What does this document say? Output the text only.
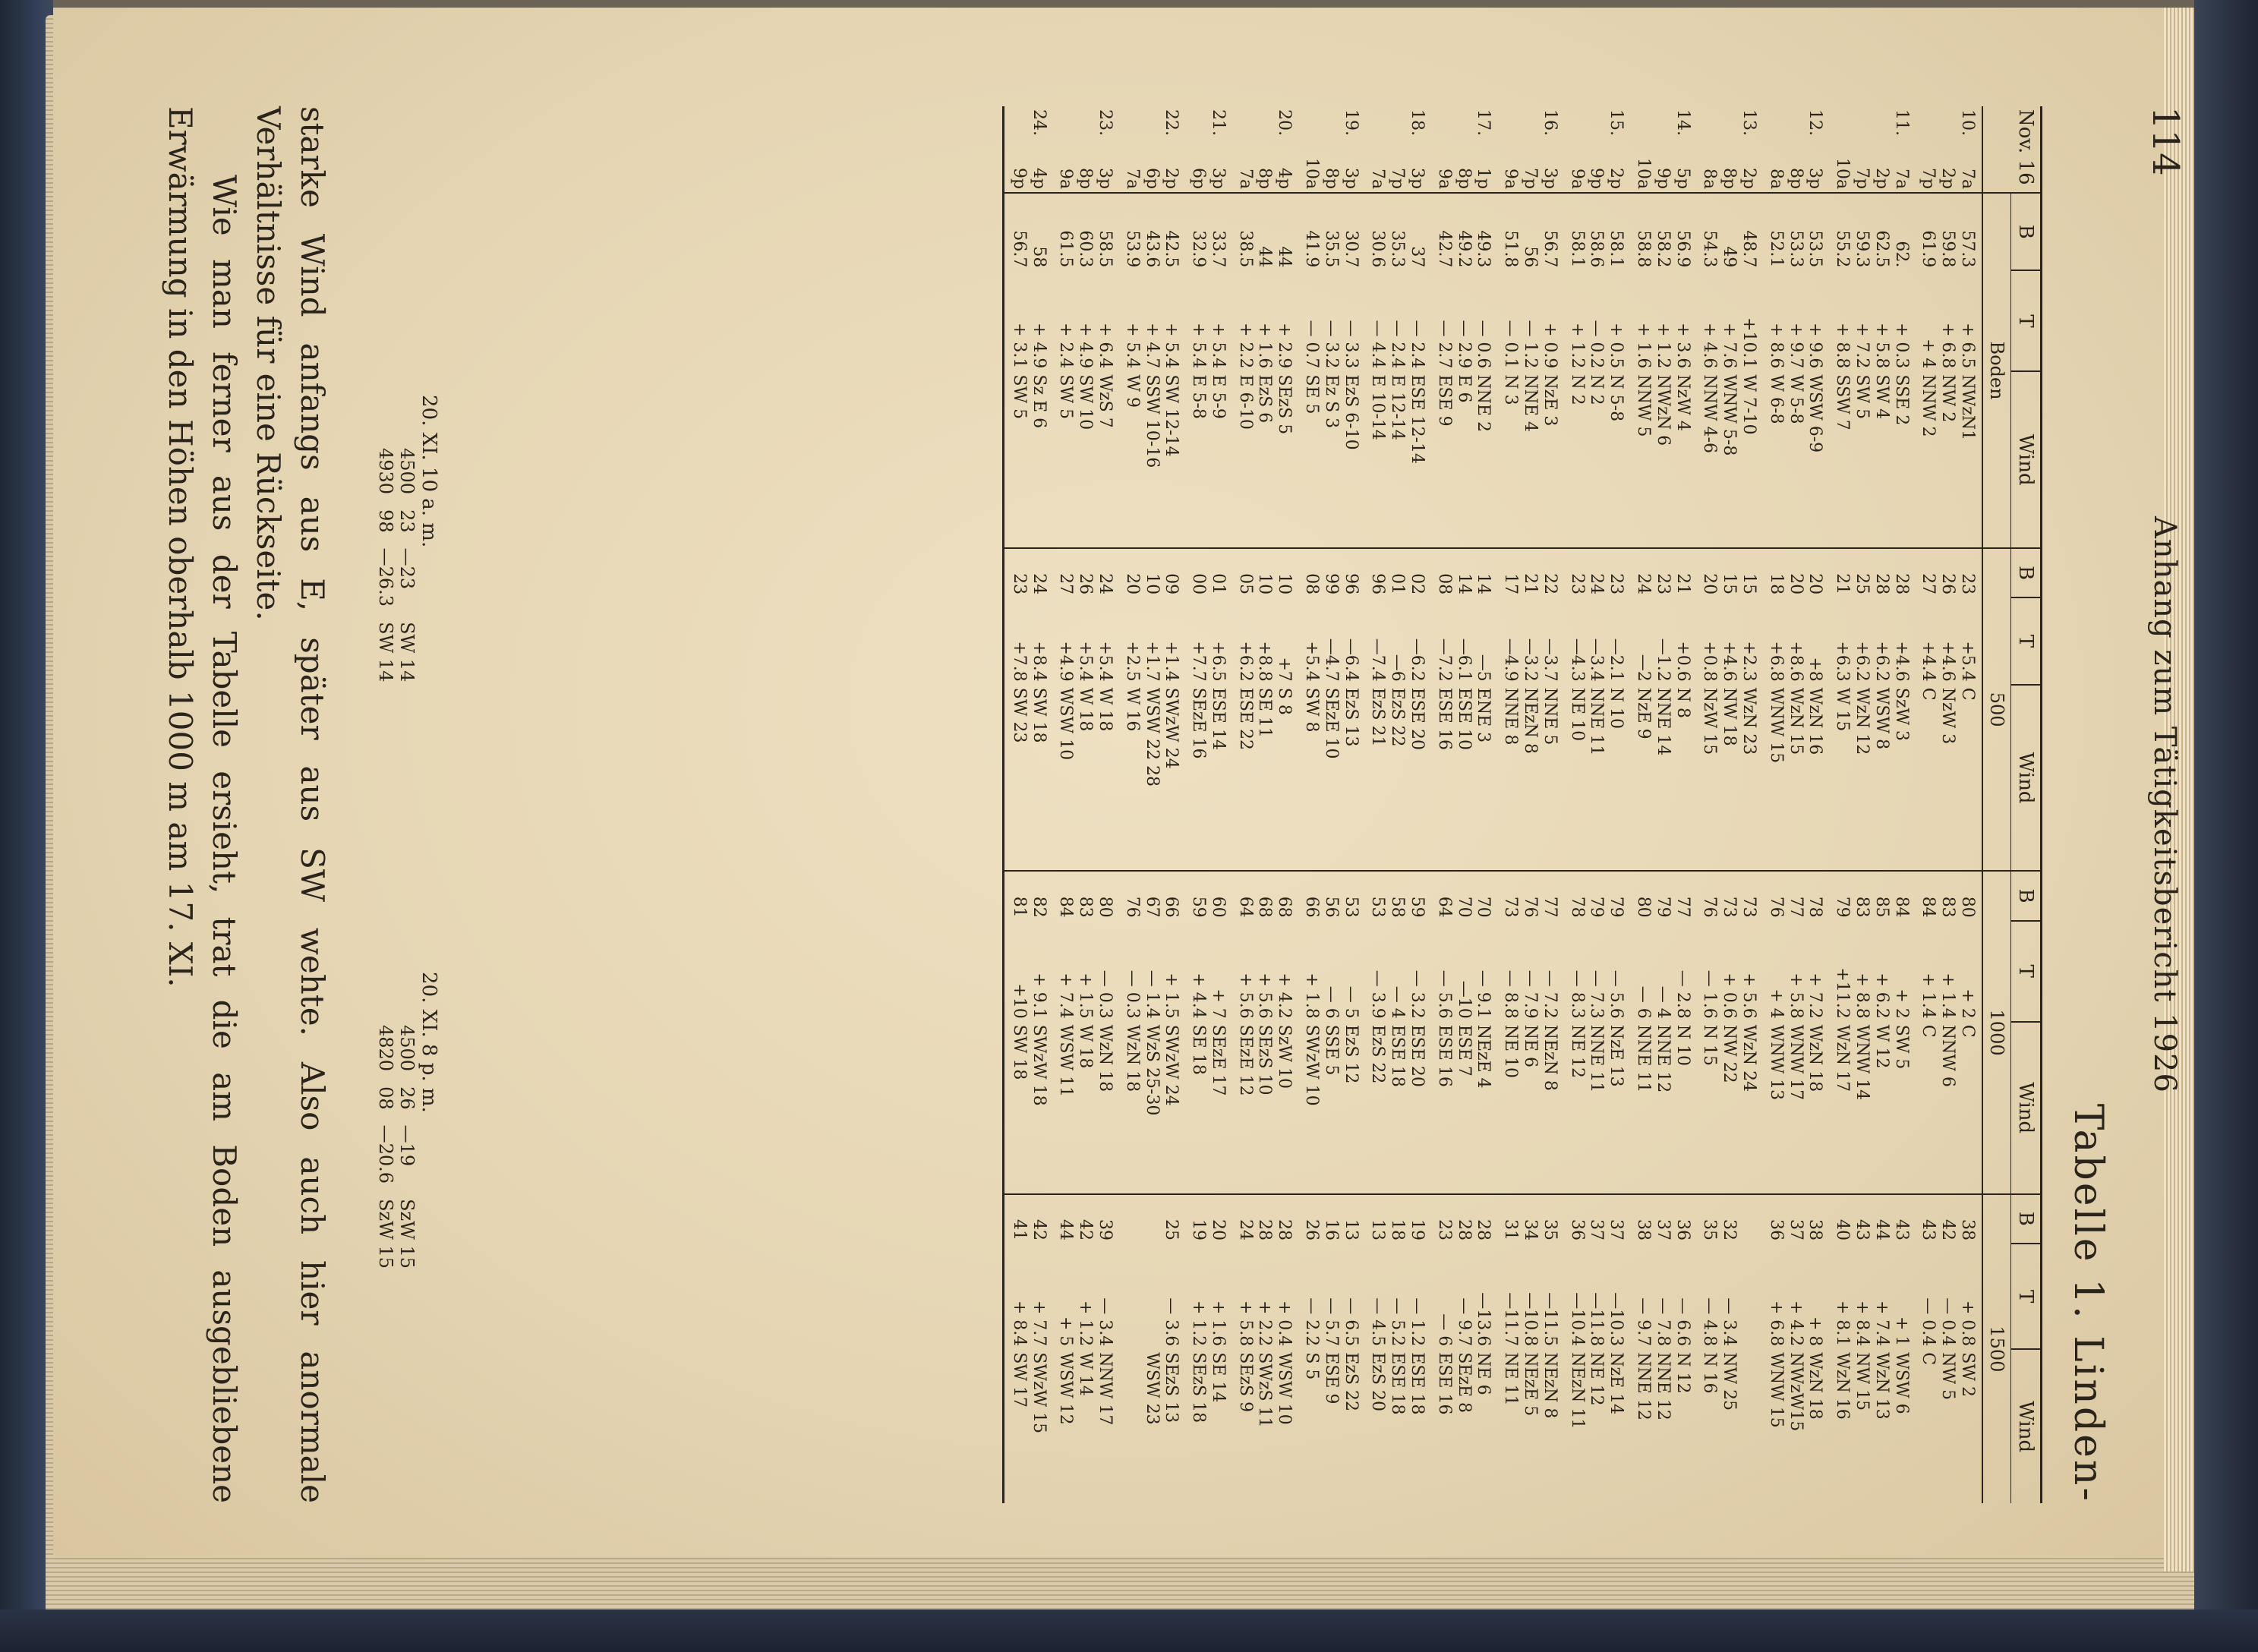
114
Anhang zum Tätigkeitsbericht 1926
Tabelle 1. Linden-
Nov. 16		B	T	Wind	B	T	Wind	B	T	Wind	B	T	Wind
		Boden			500			1000			1500		
10.	7a	57.3	+ 6.5	NWzN1	23	+5.4	C	80	+ 2	C	38	+ 0.8	SW 2
	2p	59.8	+ 6.8	NW 2	26	+4.6	NzW 3	83	+ 1.4	NNW 6	42	— 0.4	NW 5
	7p	61.9	+ 4	NNW 2	27	+4.4	C	84	+ 1.4	C	43	— 0.4	C
11.	7a	62.	+ 0.3	SSE 2	28	+4.6	SzW 3	84	+ 2	SW 5	43	+ 1	WSW 6
	2p	62.5	+ 5.8	SW 4	28	+6.2	WSW 8	85	+ 6.2	W 12	44	+ 7.4	WzN 13
	7p	59.3	+ 7.2	SW 5	25	+6.2	WzN 12	83	+ 8.8	WNW 14	43	+ 8.4	NW 15
	10a	55.2	+ 8.8	SSW 7	21	+6.3	W 15	79	+11.2	WzN 17	40	+ 8.1	WzN 16
12.	3p	53.5	+ 9.6	WSW 6-9	20	+8	WzN 16	78	+ 7.2	WzN 18	38	+ 8	WzN 18
	8p	53.3	+ 9.7	W 5-8	20	+8.6	WzN 15	77	+ 5.8	WNW 17	37	+ 4.2	NWzW15
	8a	52.1	+ 8.6	W 6-8	18	+6.8	WNW 15	76	+ 4	WNW 13	36	+ 6.8	WNW 15
13.	2p	48.7	+10.1	W 7-10	15	+2.3	WzN 23	73	+ 5.6	WzN 24			
	8p	49	+ 7.6	WNW 5-8	15	+4.6	NW 18	73	+ 0.6	NW 22	32	— 3.4	NW 25
	8a	54.3	+ 4.6	NNW 4-6	20	+0.8	NzW 15	76	— 1.6	N 15	35	— 4.8	N 16
14.	5p	56.9	+ 3.6	NzW 4	21	+0.6	N 8	77	— 2.8	N 10	36	— 6.6	N 12
	9p	58.2	+ 1.2	NWzN 6	23	—1.2	NNE 14	79	— 4	NNE 12	37	— 7.8	NNE 12
	10a	58.8	+ 1.6	NNW 5	24	—2	NzE 9	80	— 6	NNE 11	38	— 9.7	NNE 12
15.	2p	58.1	+ 0.5	N 5-8	23	—2.1	N 10	79	— 5.6	NzE 13	37	—10.3	NzE 14
	9p	58.6	— 0.2	N 2	24	—3.4	NNE 11	79	— 7.3	NNE 11	37	—11.8	NE 12
	9a	58.1	+ 1.2	N 2	23	—4.3	NE 10	78	— 8.3	NE 12	36	—10.4	NEzN 11
16.	3p	56.7	+ 0.9	NzE 3	22	—3.7	NNE 5	77	— 7.2	NEzN 8	35	—11.5	NEzN 8
	7p	56	— 1.2	NNE 4	21	—3.2	NEzN 8	76	— 7.9	NE 6	34	—10.8	NEzE 5
	9a	51.8	— 0.1	N 3	17	—4.9	NNE 8	73	— 8.8	NE 10	31	—11.7	NE 11
17.	1p	49.3	— 0.6	NNE 2	14	—5	ENE 3	70	— 9.1	NEzE 4	28	—13.6	NE 6
	8p	49.2	— 2.9	E 6	14	—6.1	ESE 10	70	—10	ESE 7	28	— 9.7	SEzE 8
	9a	42.7	— 2.7	ESE 9	08	—7.2	ESE 16	64	— 5.6	ESE 16	23	— 6	ESE 16
18.	3p	37	— 2.4	ESE 12-14	02	—6.2	ESE 20	59	— 3.2	ESE 20	19	— 1.2	ESE 18
	7p	35.3	— 2.4	E 12-14	01	—6	EzS 22	58	— 4	ESE 18	18	— 5.2	ESE 18
	7a	30.6	— 4.4	E 10-14	96	—7.4	EzS 21	53	— 3.9	EzS 22	13	— 4.5	EzS 20
19.	3p	30.7	— 3.3	EzS 6-10	96	—6.4	EzS 13	53	— 5	EzS 12	13	— 6.5	EzS 22
	8p	35.5	— 3.2	Ez S 3	99	—4.7	SEzE 10	56	— 6	SSE 5	16	— 5.7	ESE 9
	10a	41.9	— 0.7	SE 5	08	+5.4	SW 8	66	+ 1.8	SWzW 10	26	— 2.2	S 5
20.	4p	44	+ 2.9	SEzS 5	10	+7	S 8	68	+ 4.2	SzW 10	28	+ 0.4	WSW 10
	8p	44	+ 1.6	EzS 6	10	+8.8	SE 11	68	+ 5.6	SEzS 10	28	+ 2.2	SWzS 11
	7a	38.5	+ 2.2	E 6-10	05	+6.2	ESE 22	64	+ 5.6	SEzE 12	24	+ 5.8	SEzS 9
21.	3p	33.7	+ 5.4	E 5-9	01	+6.5	ESE 14	60	+ 7	SEzE 17	20	+ 1.6	SE 14
	6p	32.9	+ 5.4	E 5-8	00	+7.7	SEzE 16	59	+ 4.4	SE 18	19	+ 1.2	SEzS 18
22.	2p	42.5	+ 5.4	SW 12-14	09	+1.4	SWzW 24	66	+ 1.5	SWzW 24	25	— 3.6	SEzS 13
	6p	43.6	+ 4.7	SSW 10-16	10	+1.7	WSW 22 28	67	— 1.4	WzS 25-30			WSW 23
	7a	53.9	+ 5.4	W 9	20	+2.5	W 16	76	— 0.3	WzN 18			
23.	3p	58.5	+ 6.4	WzS 7	24	+5.4	W 18	80	— 0.3	WzN 18	39	— 3.4	NNW 17
	8p	60.3	+ 4.9	SW 10	26	+5.4	W 18	83	+ 1.5	W 18	42	+ 1.2	W 14
	9a	61.5	+ 2.4	SW 5	27	+4.9	WSW 10	84	+ 7.4	WSW 11	44	+ 5	WSW 12
24.	4p	58	+ 4.9	Sz E 6	24	+8.4	SW 18	82	+ 9.1	SWzW 18	42	+ 7.7	SWzW 15
	9p	56.7	+ 3.1	SW 5	23	+7.8	SW 23	81	+10	SW 18	41	+ 8.4	SW 17
20. XI. 10 a. m.
4500	23	—23	SW 14
4930	98	—26.3	SW 14
20. XI. 8 p. m.
4500	26	—19	SzW 15
4820	08	—20.6	SzW 15

starke Wind anfangs aus E, später aus SW wehte. Also auch hier anormale Verhältnisse für eine Rückseite.

Wie man ferner aus der Tabelle ersieht, trat die am Boden ausgebliebene Erwärmung in den Höhen oberhalb 1000 m am 17. XI.
